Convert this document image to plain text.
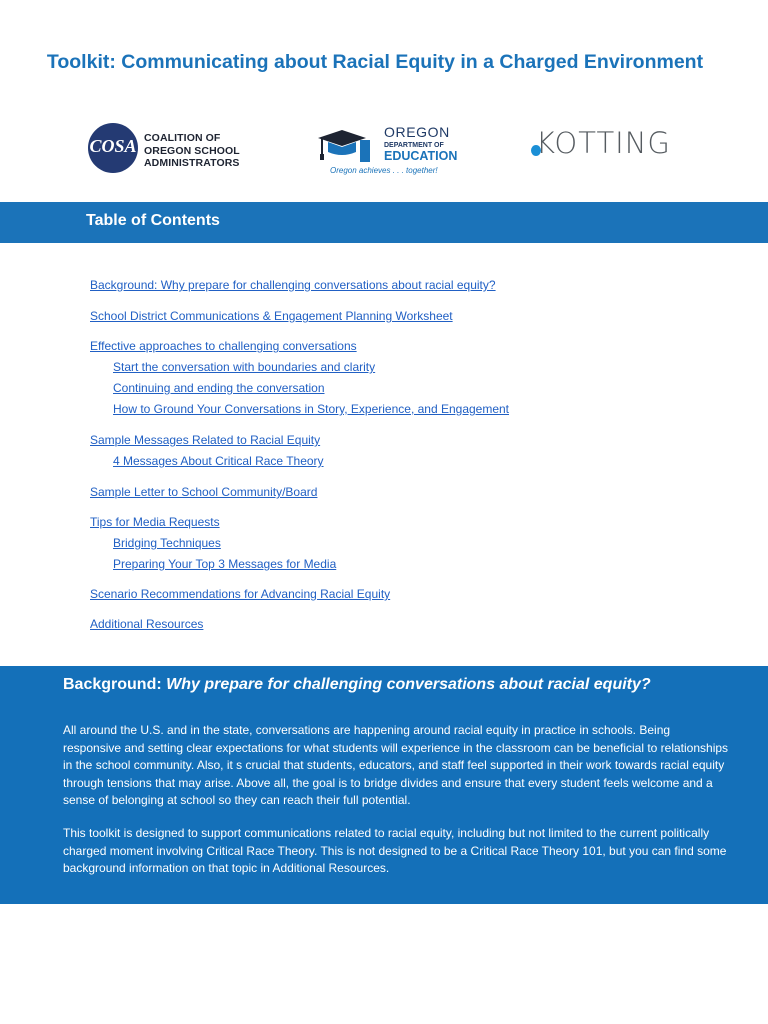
Toolkit: Communicating about Racial Equity in a Charged Environment
COSA COALITION OF
OREGON SCHOOL
ADMINISTRATORS
OREGON
DEPARTMENT OF
EDUCATION
Oregon achieves . . . together!
KOTTING
Table of Contents
Background: Why prepare for challenging conversations about racial equity?
School District Communications & Engagement Planning Worksheet
Effective approaches to challenging conversations
Start the conversation with boundaries and clarity
Continuing and ending the conversation
How to Ground Your Conversations in Story, Experience, and Engagement
Sample Messages Related to Racial Equity
4 Messages About Critical Race Theory
Sample Letter to School Community/Board
Tips for Media Requests
Bridging Techniques
Preparing Your Top 3 Messages for Media
Scenario Recommendations for Advancing Racial Equity
Additional Resources
Background: Why prepare for challenging conversations about racial equity?

All around the U.S. and in the state, conversations are happening around racial equity in practice in schools. Being responsive and setting clear expectations for what students will experience in the classroom can be beneficial to relationships in the school community. Also, it s crucial that students, educators, and staff feel supported in their work towards racial equity through tensions that may arise. Above all, the goal is to bridge divides and ensure that every student feels welcome and a sense of belonging at school so they can reach their full potential.

This toolkit is designed to support communications related to racial equity, including but not limited to the current politically charged moment involving Critical Race Theory. This is not designed to be a Critical Race Theory 101, but you can find some background information on that topic in Additional Resources.
